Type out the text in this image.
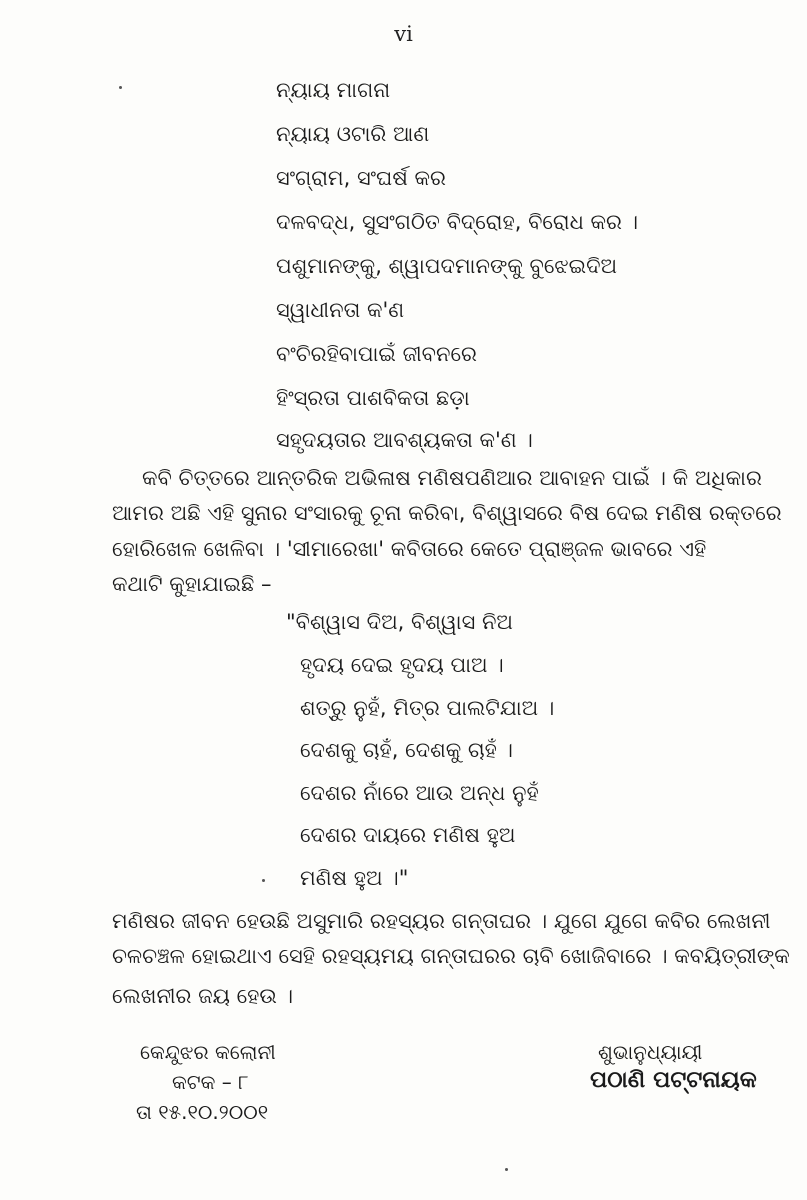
vi
ନ୍ୟାୟ ମାଗନା
ନ୍ୟାୟ ଓଟାରି ଆଣ
ସଂଗ୍ରାମ, ସଂଘର୍ଷ କର
ଦଳବଦ୍ଧ, ସୁସଂଗଠିତ ବିଦ୍ରୋହ, ବିରୋଧ କର ।
ପଶୁମାନଙ୍କୁ, ଶ୍ୱାପଦମାନଙ୍କୁ ବୁଝେଇଦିଅ
ସ୍ୱାଧୀନତା କ'ଣ
ବଂଚିରହିବାପାଇଁ ଜୀବନରେ
ହିଂସ୍ରତା ପାଶବିକତା ଛଡ଼ା
ସହୃଦୟତାର ଆବଶ୍ୟକତା କ'ଣ ।
କବି ଚିତ୍ତରେ ଆନ୍ତରିକ ଅଭିଳାଷ ମଣିଷପଣିଆର ଆବାହନ ପାଇଁ । କି ଅଧିକାର
ଆମର ଅଛି ଏହି ସୁନାର ସଂସାରକୁ ଚୂନା କରିବା, ବିଶ୍ୱାସରେ ବିଷ ଦେଇ ମଣିଷ ରକ୍ତରେ
ହୋରିଖେଳ ଖେଳିବା । 'ସୀମାରେଖା' କବିତାରେ କେତେ ପ୍ରାଞ୍ଜଳ ଭାବରେ ଏହି
କଥାଟି କୁହାଯାଇଛି –
"ବିଶ୍ୱାସ ଦିଅ, ବିଶ୍ୱାସ ନିଅ
ହୃଦୟ ଦେଇ ହୃଦୟ ପାଅ ।
ଶତ୍ରୁ ନୁହଁ, ମିତ୍ର ପାଲଟିଯାଅ ।
ଦେଶକୁ ଚାହଁ, ଦେଶକୁ ଚାହଁ ।
ଦେଶର ନାଁରେ ଆଉ ଅନ୍ଧ ନୁହଁ
ଦେଶର ଦାୟରେ ମଣିଷ ହୁଅ
ମଣିଷ ହୁଅ ।"
ମଣିଷର ଜୀବନ ହେଉଛି ଅସୁମାରି ରହସ୍ୟର ଗନ୍ତାଘର । ଯୁଗେ ଯୁଗେ କବିର ଲେଖନୀ
ଚଳଚଞ୍ଚଳ ହୋଇଥାଏ ସେହି ରହସ୍ୟମୟ ଗନ୍ତାଘରର ଚାବି ଖୋଜିବାରେ । କବୟିତ୍ରୀଙ୍କ
ଲେଖନୀର ଜୟ ହେଉ ।
କେନ୍ଦୁଝର କଲୋନୀ
କଟକ – ୮
ତା ୧୫.୧୦.୨୦୦୧
ଶୁଭାନୁଧ୍ୟାୟୀ
ପଠାଣି ପଟ୍ଟନାୟକ
